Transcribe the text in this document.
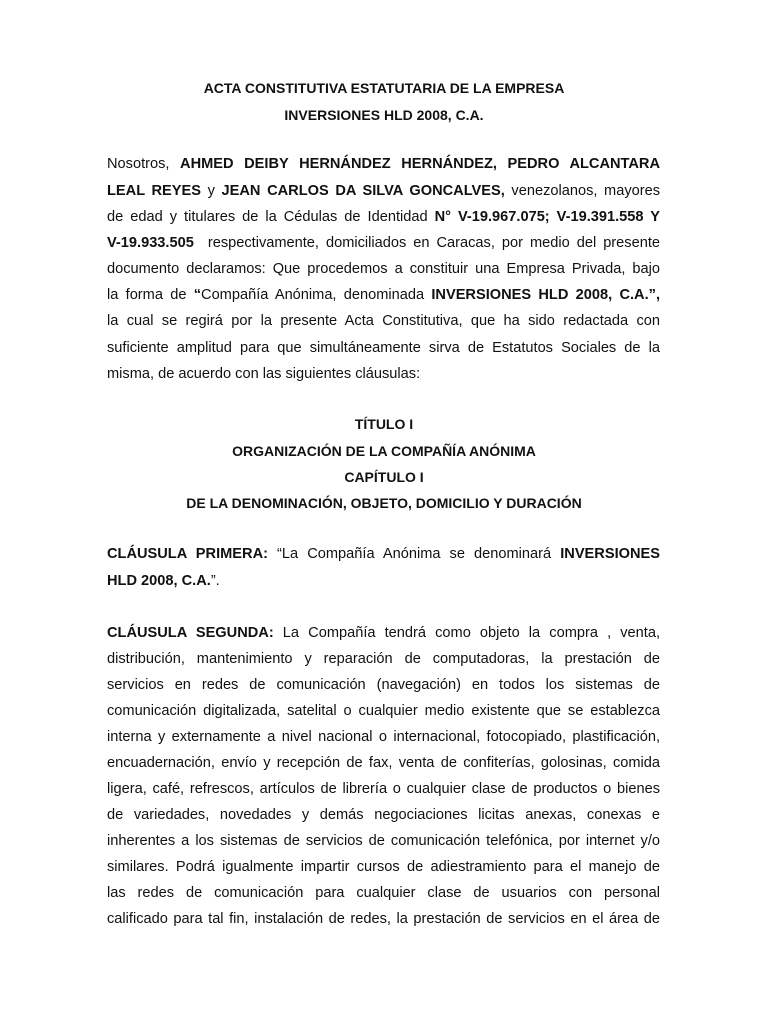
ACTA CONSTITUTIVA ESTATUTARIA DE LA EMPRESA
INVERSIONES HLD 2008, C.A.
Nosotros, AHMED DEIBY HERNÁNDEZ HERNÁNDEZ, PEDRO ALCANTARA
LEAL REYES y JEAN CARLOS DA SILVA GONCALVES, venezolanos, mayores
de edad y titulares de la Cédulas de Identidad N° V-19.967.075; V-19.391.558 Y
V-19.933.505  respectivamente, domiciliados en Caracas, por medio del presente
documento declaramos: Que procedemos a constituir una Empresa Privada, bajo
la forma de “Compañía Anónima, denominada INVERSIONES HLD 2008, C.A.”,
la cual se regirá por la presente Acta Constitutiva, que ha sido redactada con
suficiente amplitud para que simultáneamente sirva de Estatutos Sociales de la
misma, de acuerdo con las siguientes cláusulas:
TÍTULO I
ORGANIZACIÓN DE LA COMPAÑÍA ANÓNIMA
CAPÍTULO I
DE LA DENOMINACIÓN, OBJETO, DOMICILIO Y DURACIÓN
CLÁUSULA PRIMERA: “La Compañía Anónima se denominará INVERSIONES
HLD 2008, C.A.”.
CLÁUSULA SEGUNDA: La Compañía tendrá como objeto la compra , venta,
distribución, mantenimiento y reparación de computadoras, la prestación de
servicios en redes de comunicación (navegación) en todos los sistemas de
comunicación digitalizada, satelital o cualquier medio existente que se establezca
interna y externamente a nivel nacional o internacional, fotocopiado, plastificación,
encuadernación, envío y recepción de fax, venta de confiterías, golosinas, comida
ligera, café, refrescos, artículos de librería o cualquier clase de productos o bienes
de variedades, novedades y demás negociaciones licitas anexas, conexas e
inherentes a los sistemas de servicios de comunicación telefónica, por internet y/o
similares. Podrá igualmente impartir cursos de adiestramiento para el manejo de
las redes de comunicación para cualquier clase de usuarios con personal
calificado para tal fin, instalación de redes, la prestación de servicios en el área de
